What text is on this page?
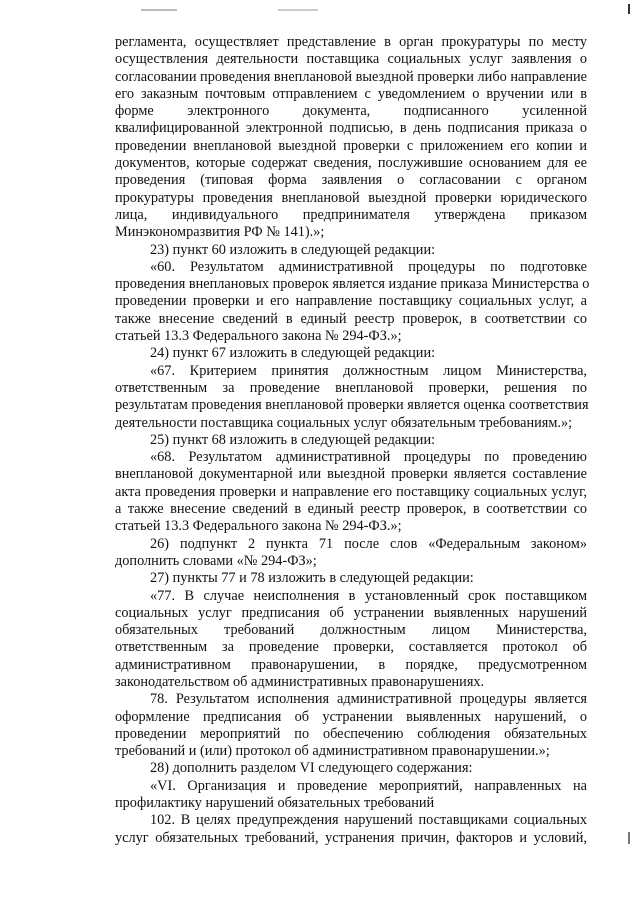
регламента, осуществляет представление в орган прокуратуры по месту
осуществления деятельности поставщика социальных услуг заявления о
согласовании проведения внеплановой выездной проверки либо направление
его заказным почтовым отправлением с уведомлением о вручении или в
форме электронного документа, подписанного усиленной
квалифицированной электронной подписью, в день подписания приказа о
проведении внеплановой выездной проверки с приложением его копии и
документов, которые содержат сведения, послужившие основанием для ее
проведения (типовая форма заявления о согласовании с органом
прокуратуры проведения внеплановой выездной проверки юридического
лица, индивидуального предпринимателя утверждена приказом
Минэкономразвития РФ № 141).»;
23) пункт 60 изложить в следующей редакции:
«60. Результатом административной процедуры по подготовке
проведения внеплановых проверок является издание приказа Министерства о
проведении проверки и его направление поставщику социальных услуг, а
также внесение сведений в единый реестр проверок, в соответствии со
статьей 13.3 Федерального закона № 294-ФЗ.»;
24) пункт 67 изложить в следующей редакции:
«67. Критерием принятия должностным лицом Министерства,
ответственным за проведение внеплановой проверки, решения по
результатам проведения внеплановой проверки является оценка соответствия
деятельности поставщика социальных услуг обязательным требованиям.»;
25) пункт 68 изложить в следующей редакции:
«68. Результатом административной процедуры по проведению
внеплановой документарной или выездной проверки является составление
акта проведения проверки и направление его поставщику социальных услуг,
а также внесение сведений в единый реестр проверок, в соответствии со
статьей 13.3 Федерального закона № 294-ФЗ.»;
26) подпункт 2 пункта 71 после слов «Федеральным законом»
дополнить словами «№ 294-ФЗ»;
27) пункты 77 и 78 изложить в следующей редакции:
«77. В случае неисполнения в установленный срок поставщиком
социальных услуг предписания об устранении выявленных нарушений
обязательных требований должностным лицом Министерства,
ответственным за проведение проверки, составляется протокол об
административном правонарушении, в порядке, предусмотренном
законодательством об административных правонарушениях.
78. Результатом исполнения административной процедуры является
оформление предписания об устранении выявленных нарушений, о
проведении мероприятий по обеспечению соблюдения обязательных
требований и (или) протокол об административном правонарушении.»;
28) дополнить разделом VI следующего содержания:
«VI. Организация и проведение мероприятий, направленных на
профилактику нарушений обязательных требований
102. В целях предупреждения нарушений поставщиками социальных
услуг обязательных требований, устранения причин, факторов и условий,
